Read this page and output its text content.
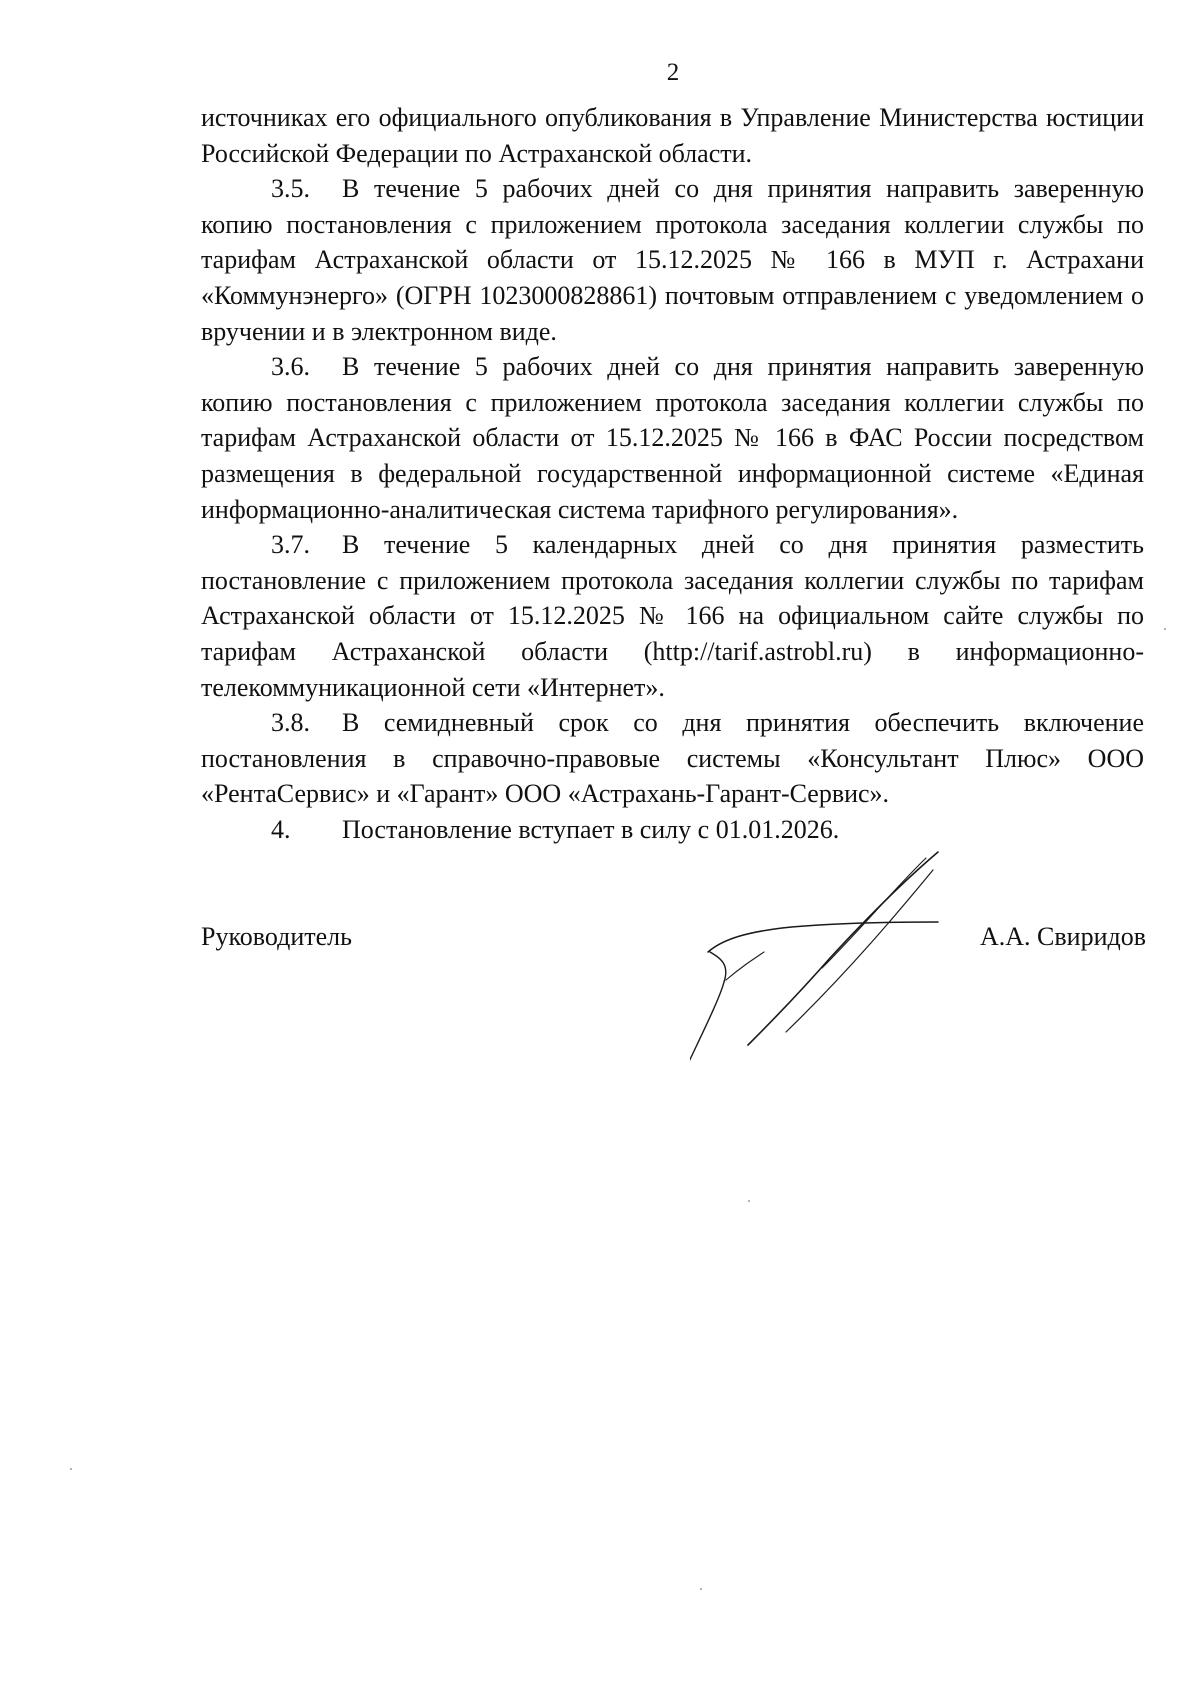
2

источниках его официального опубликования в Управление Министерства юстиции Российской Федерации по Астраханской области.

3.5. В течение 5 рабочих дней со дня принятия направить заверенную копию постановления с приложением протокола заседания коллегии службы по тарифам Астраханской области от 15.12.2025 № 166 в МУП г. Астрахани «Коммунэнерго» (ОГРН 1023000828861) почтовым отправлением с уведомлением о вручении и в электронном виде.

3.6. В течение 5 рабочих дней со дня принятия направить заверенную копию постановления с приложением протокола заседания коллегии службы по тарифам Астраханской области от 15.12.2025 № 166 в ФАС России посредством размещения в федеральной государственной информационной системе «Единая информационно-аналитическая система тарифного регулирования».

3.7. В течение 5 календарных дней со дня принятия разместить постановление с приложением протокола заседания коллегии службы по тарифам Астраханской области от 15.12.2025 № 166 на официальном сайте службы по тарифам Астраханской области (http://tarif.astrobl.ru) в информационно-телекоммуникационной сети «Интернет».

3.8. В семидневный срок со дня принятия обеспечить включение постановления в справочно-правовые системы «Консультант Плюс» ООО «РентаСервис» и «Гарант» ООО «Астрахань-Гарант-Сервис».

4. Постановление вступает в силу с 01.01.2026.

Руководитель	А.А. Свиридов
